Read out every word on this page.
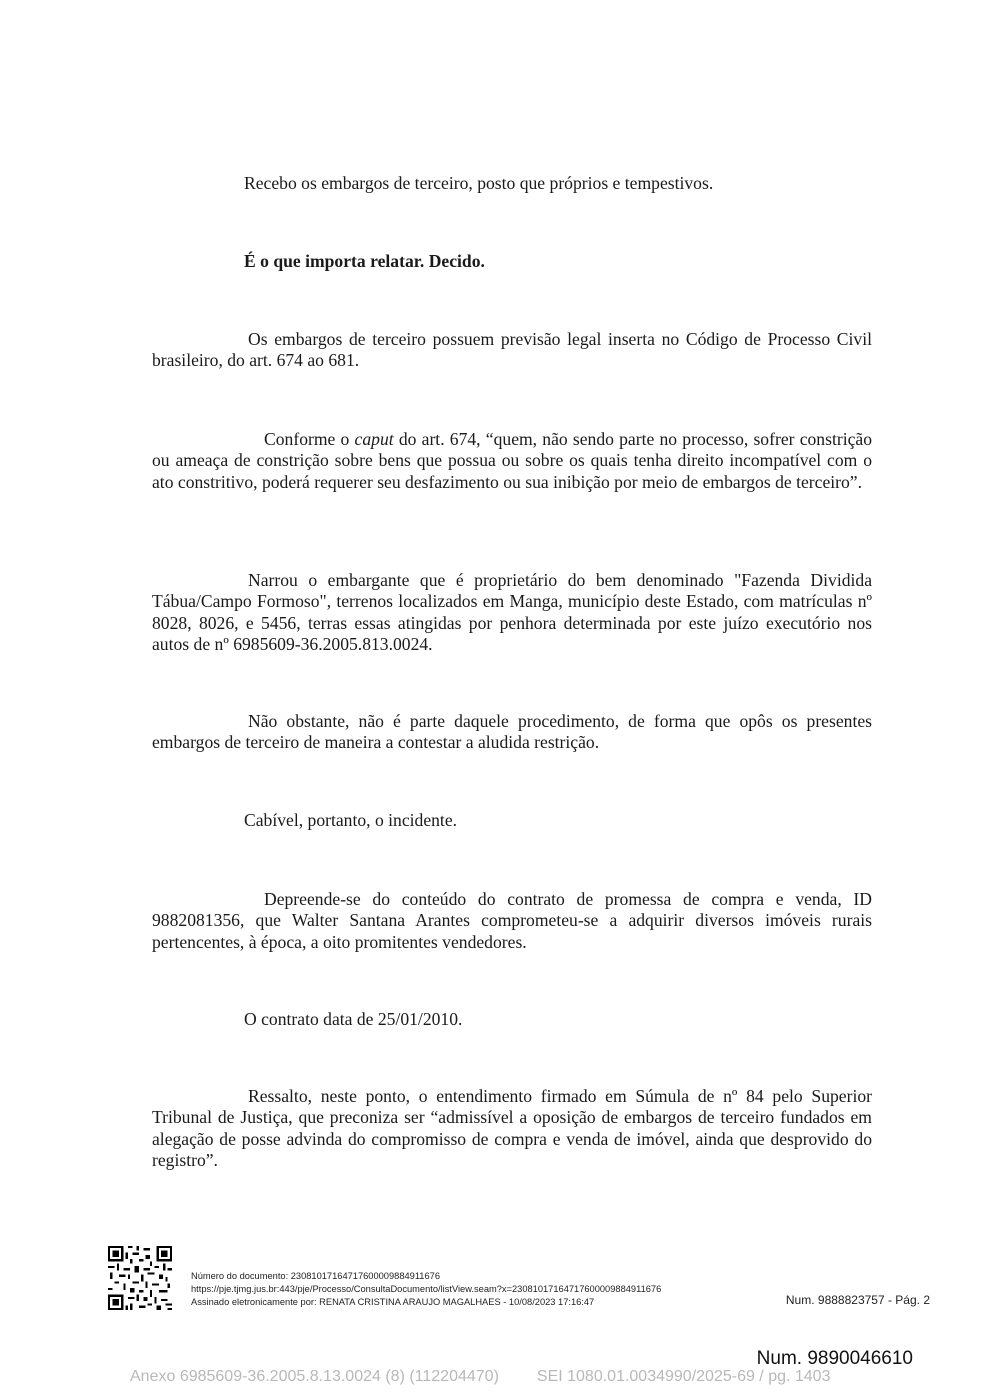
Recebo os embargos de terceiro, posto que próprios e tempestivos.

É o que importa relatar. Decido.

Os embargos de terceiro possuem previsão legal inserta no Código de Processo Civil brasileiro, do art. 674 ao 681.

Conforme o caput do art. 674, “quem, não sendo parte no processo, sofrer constrição ou ameaça de constrição sobre bens que possua ou sobre os quais tenha direito incompatível com o ato constritivo, poderá requerer seu desfazimento ou sua inibição por meio de embargos de terceiro”.

Narrou o embargante que é proprietário do bem denominado "Fazenda Dividida Tábua/Campo Formoso", terrenos localizados em Manga, município deste Estado, com matrículas nº 8028, 8026, e 5456, terras essas atingidas por penhora determinada por este juízo executório nos autos de nº 6985609-36.2005.813.0024.

Não obstante, não é parte daquele procedimento, de forma que opôs os presentes embargos de terceiro de maneira a contestar a aludida restrição.

Cabível, portanto, o incidente.

Depreende-se do conteúdo do contrato de promessa de compra e venda, ID 9882081356, que Walter Santana Arantes comprometeu-se a adquirir diversos imóveis rurais pertencentes, à época, a oito promitentes vendedores.

O contrato data de 25/01/2010.

Ressalto, neste ponto, o entendimento firmado em Súmula de nº 84 pelo Superior Tribunal de Justiça, que preconiza ser “admissível a oposição de embargos de terceiro fundados em alegação de posse advinda do compromisso de compra e venda de imóvel, ainda que desprovido do registro”.

Número do documento: 23081017164717600009884911676
https://pje.tjmg.jus.br:443/pje/Processo/ConsultaDocumento/listView.seam?x=23081017164717600009884911676
Assinado eletronicamente por: RENATA CRISTINA ARAUJO MAGALHAES - 10/08/2023 17:16:47	Num. 9888823757 - Pág. 2
Num. 9890046610
Anexo 6985609-36.2005.8.13.0024 (8) (112204470) SEI 1080.01.0034990/2025-69 / pg. 1403
